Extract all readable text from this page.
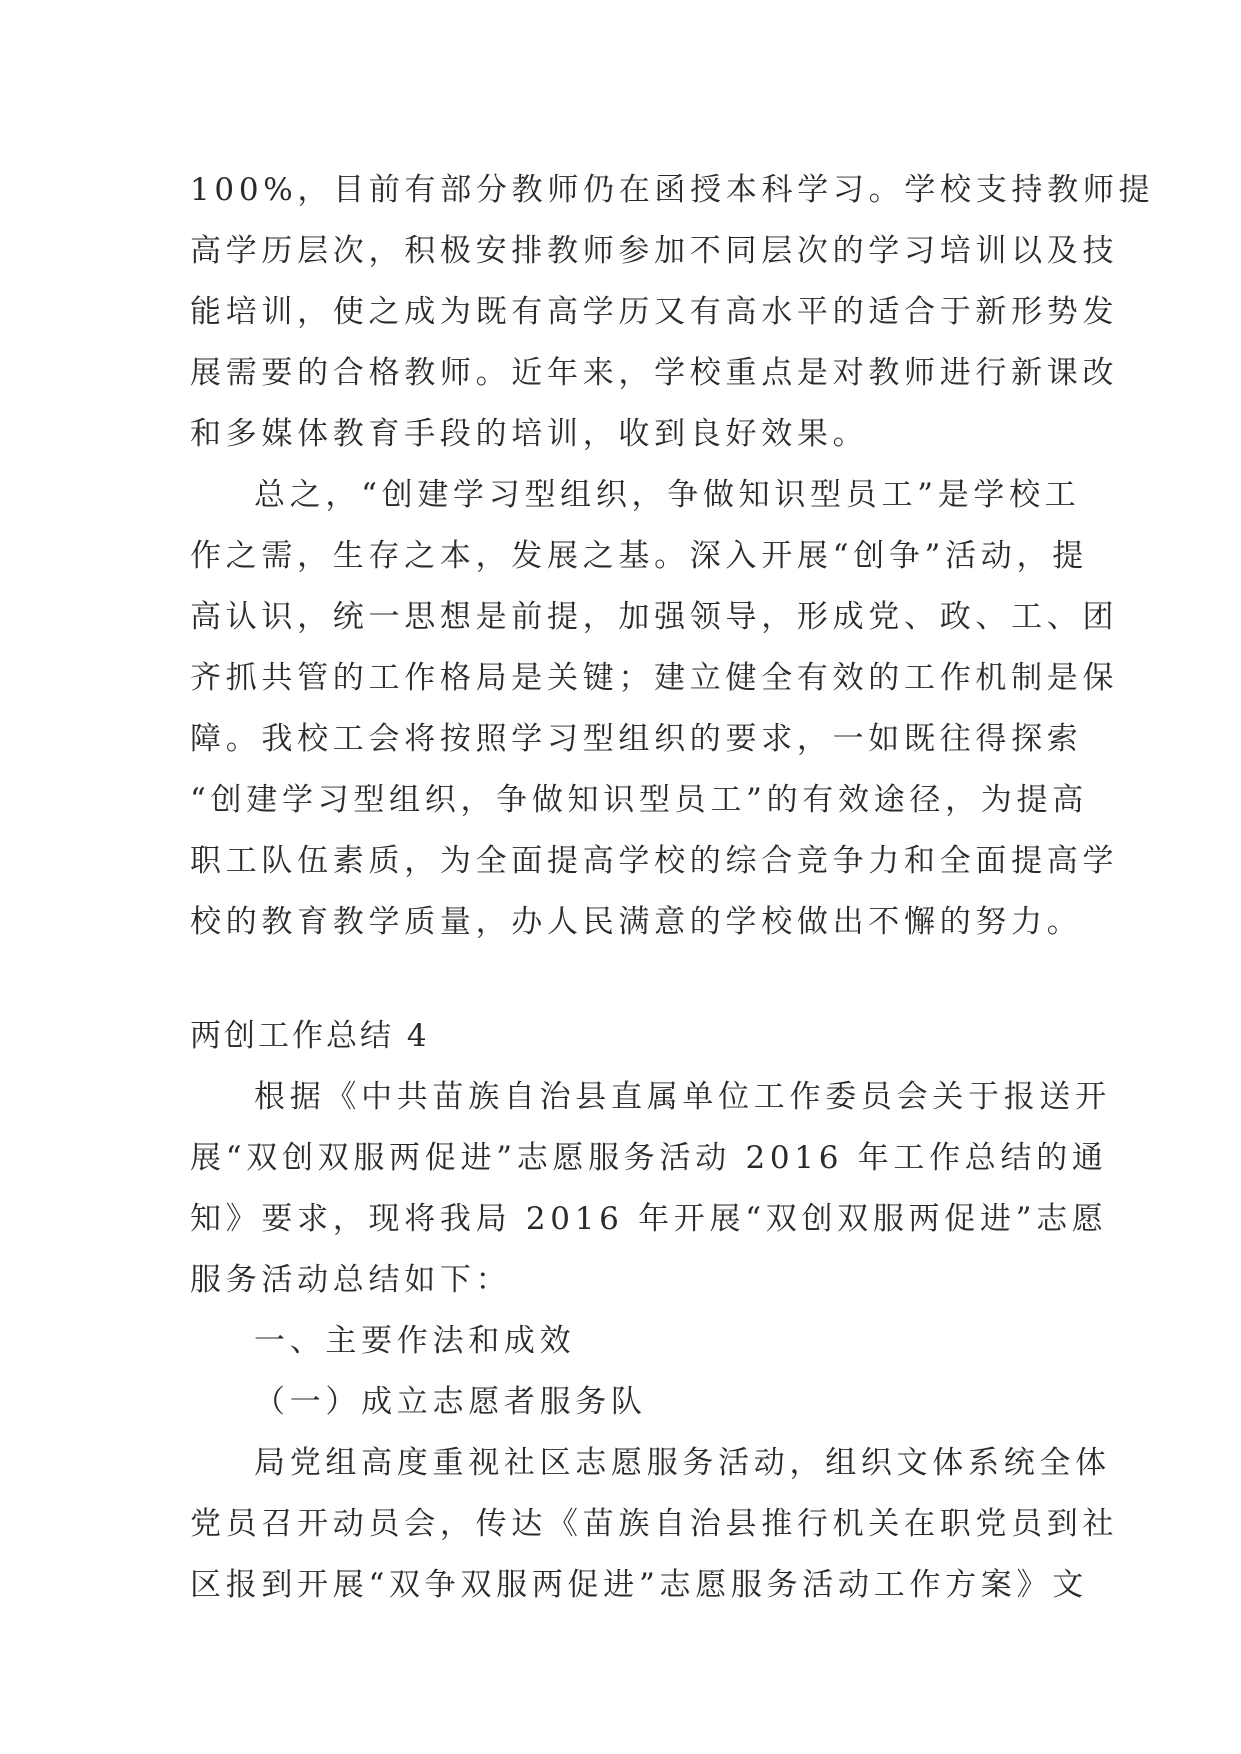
100%，目前有部分教师仍在函授本科学习。学校支持教师提
高学历层次，积极安排教师参加不同层次的学习培训以及技
能培训，使之成为既有高学历又有高水平的适合于新形势发
展需要的合格教师。近年来，学校重点是对教师进行新课改
和多媒体教育手段的培训，收到良好效果。
总之，“创建学习型组织，争做知识型员工”是学校工
作之需，生存之本，发展之基。深入开展“创争”活动，提
高认识，统一思想是前提，加强领导，形成党、政、工、团
齐抓共管的工作格局是关键；建立健全有效的工作机制是保
障。我校工会将按照学习型组织的要求，一如既往得探索
“创建学习型组织，争做知识型员工”的有效途径，为提高
职工队伍素质，为全面提高学校的综合竞争力和全面提高学
校的教育教学质量，办人民满意的学校做出不懈的努力。
两创工作总结 4
根据《中共苗族自治县直属单位工作委员会关于报送开
展“双创双服两促进”志愿服务活动 2016 年工作总结的通
知》要求，现将我局 2016 年开展“双创双服两促进”志愿
服务活动总结如下：
一、主要作法和成效
（一）成立志愿者服务队
局党组高度重视社区志愿服务活动，组织文体系统全体
党员召开动员会，传达《苗族自治县推行机关在职党员到社
区报到开展“双争双服两促进”志愿服务活动工作方案》文
